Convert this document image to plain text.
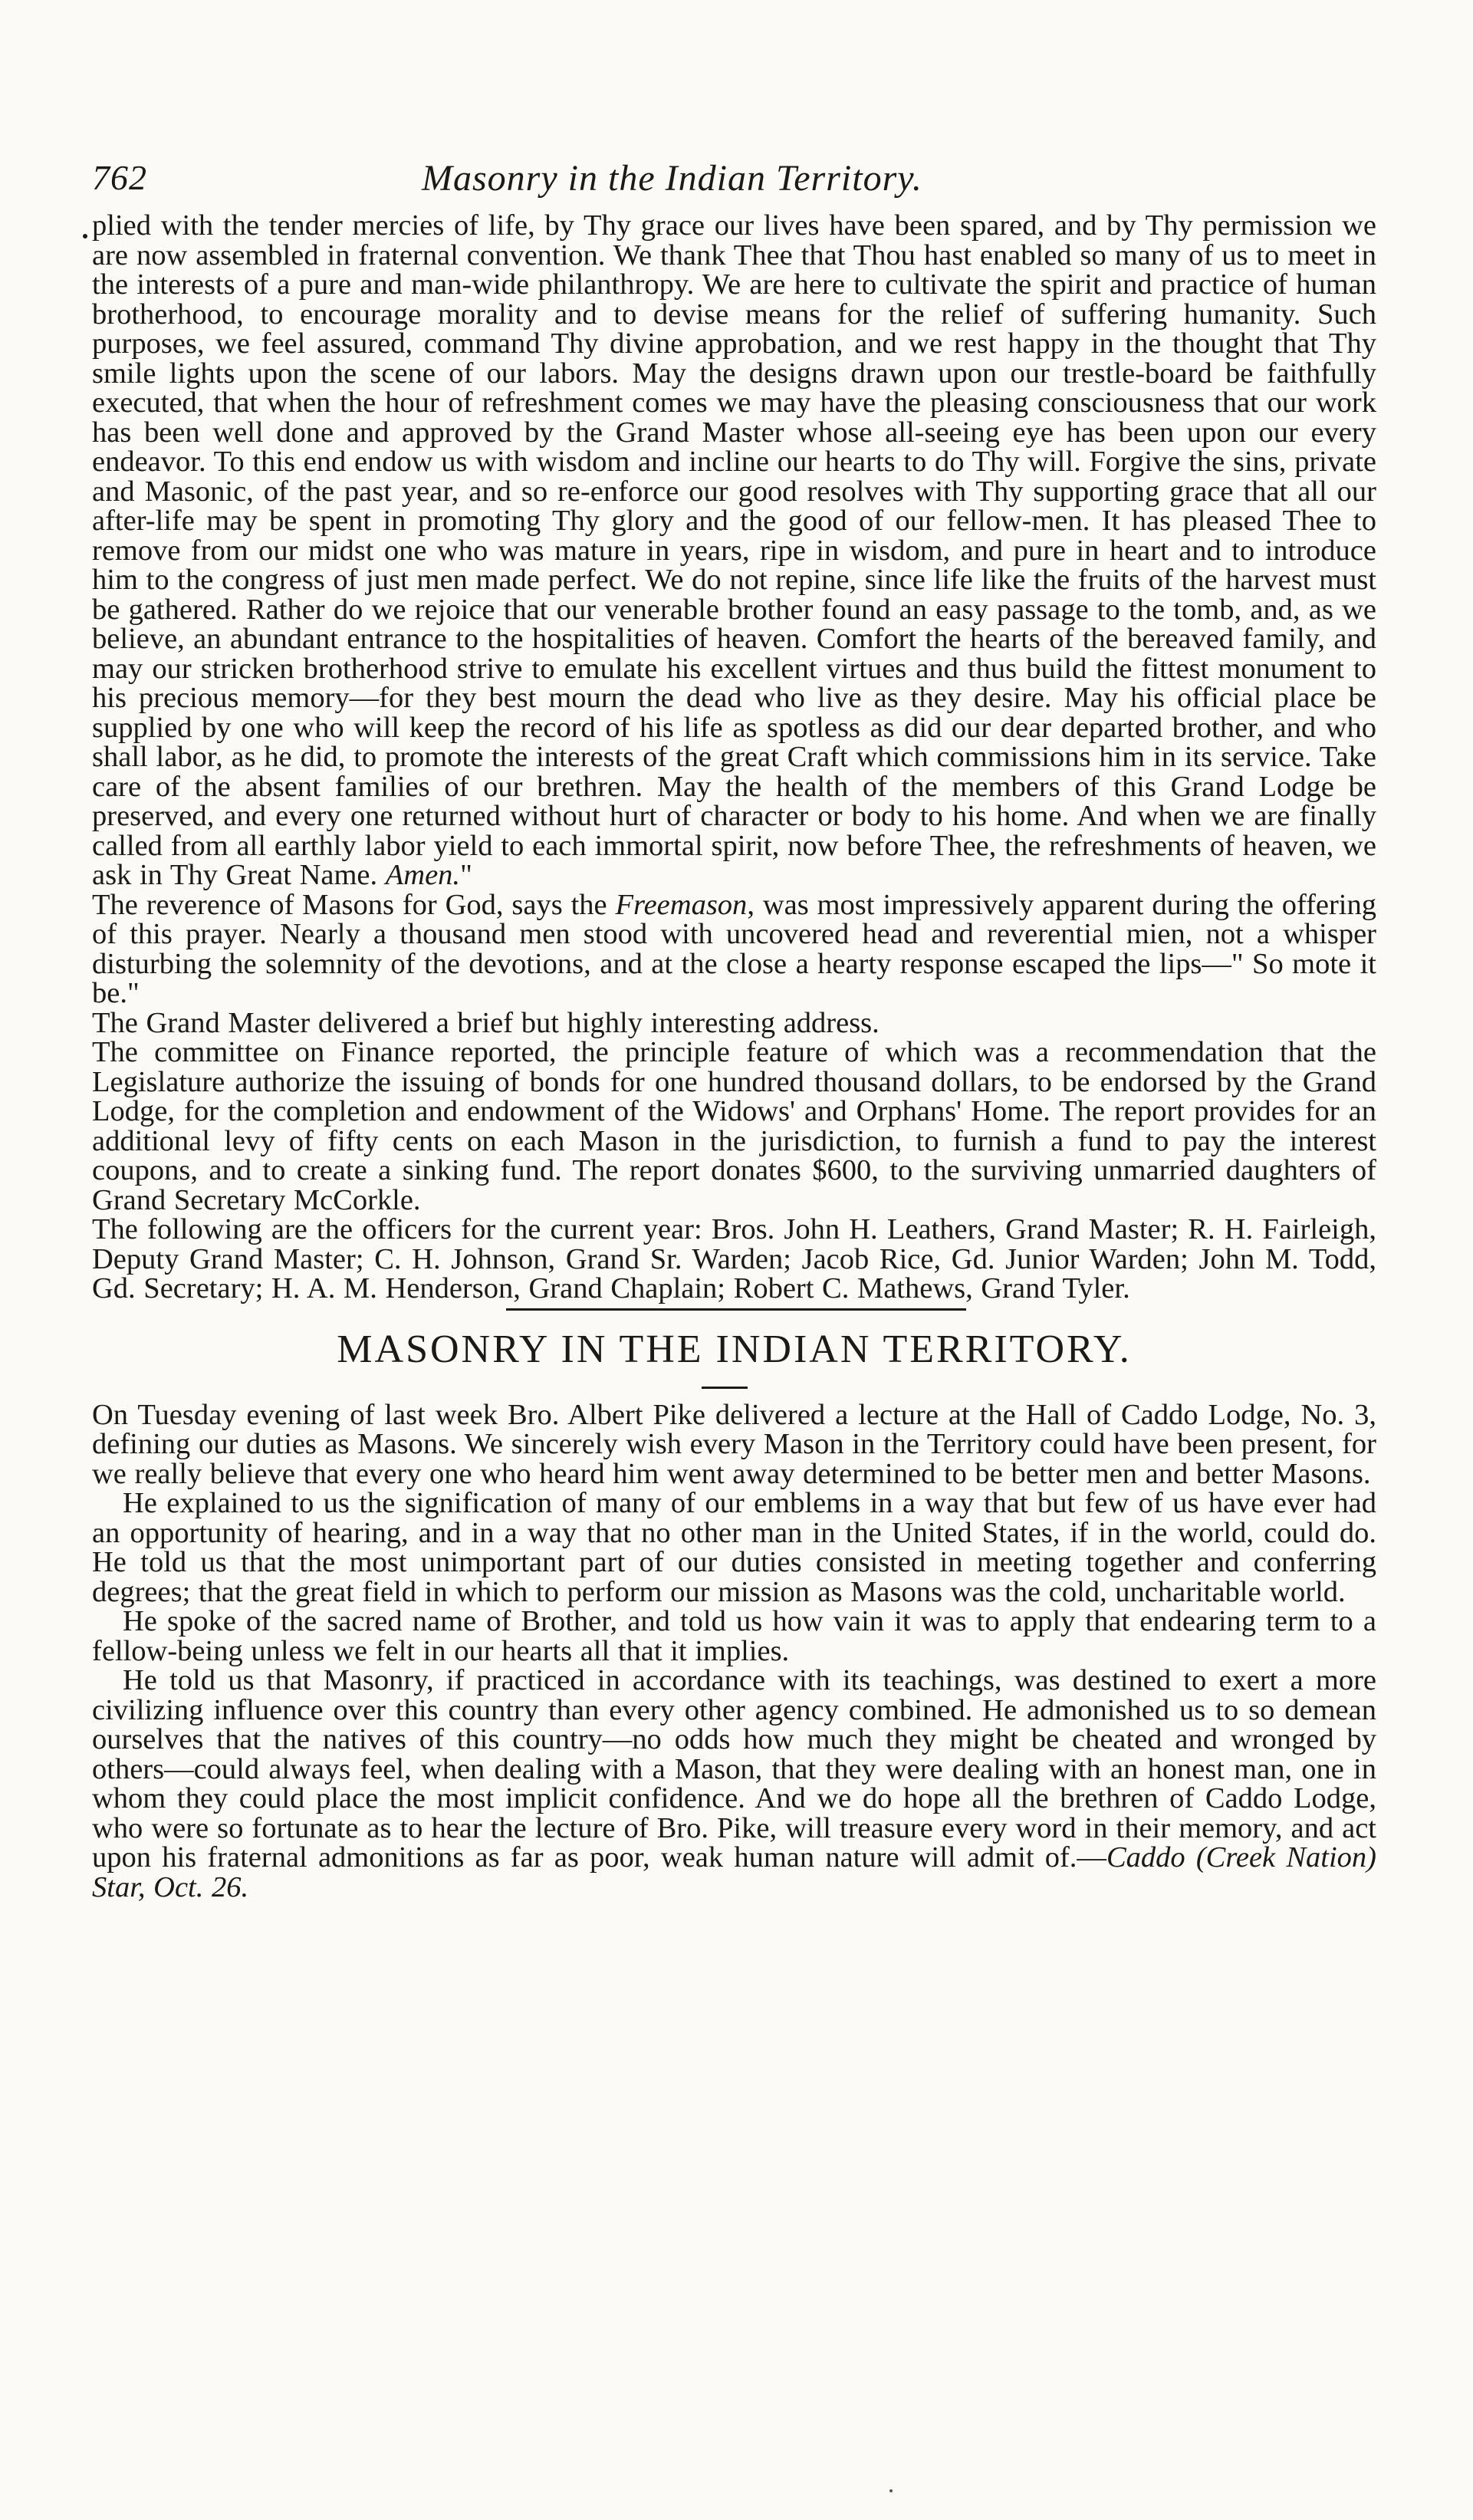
762	Masonry in the Indian Territory.

plied with the tender mercies of life, by Thy grace our lives have been spared, and by Thy permission we are now assembled in fraternal convention. We thank Thee that Thou hast enabled so many of us to meet in the interests of a pure and man-wide philanthropy. We are here to cultivate the spirit and practice of human brotherhood, to encourage morality and to devise means for the relief of suffering humanity. Such purposes, we feel assured, command Thy divine approbation, and we rest happy in the thought that Thy smile lights upon the scene of our labors. May the designs drawn upon our trestle-board be faithfully executed, that when the hour of refreshment comes we may have the pleasing consciousness that our work has been well done and approved by the Grand Master whose all-seeing eye has been upon our every endeavor. To this end endow us with wisdom and incline our hearts to do Thy will. Forgive the sins, private and Masonic, of the past year, and so re-enforce our good resolves with Thy supporting grace that all our after-life may be spent in promoting Thy glory and the good of our fellow-men. It has pleased Thee to remove from our midst one who was mature in years, ripe in wisdom, and pure in heart and to introduce him to the congress of just men made perfect. We do not repine, since life like the fruits of the harvest must be gathered. Rather do we rejoice that our venerable brother found an easy passage to the tomb, and, as we believe, an abundant entrance to the hospitalities of heaven. Comfort the hearts of the bereaved family, and may our stricken brotherhood strive to emulate his excellent virtues and thus build the fittest monument to his precious memory—for they best mourn the dead who live as they desire. May his official place be supplied by one who will keep the record of his life as spotless as did our dear departed brother, and who shall labor, as he did, to promote the interests of the great Craft which commissions him in its service. Take care of the absent families of our brethren. May the health of the members of this Grand Lodge be preserved, and every one returned without hurt of character or body to his home. And when we are finally called from all earthly labor yield to each immortal spirit, now before Thee, the refreshments of heaven, we ask in Thy Great Name. Amen."

The reverence of Masons for God, says the Freemason, was most impressively apparent during the offering of this prayer. Nearly a thousand men stood with uncovered head and reverential mien, not a whisper disturbing the solemnity of the devotions, and at the close a hearty response escaped the lips—" So mote it be."

The Grand Master delivered a brief but highly interesting address.

The committee on Finance reported, the principle feature of which was a recommendation that the Legislature authorize the issuing of bonds for one hundred thousand dollars, to be endorsed by the Grand Lodge, for the completion and endowment of the Widows' and Orphans' Home. The report provides for an additional levy of fifty cents on each Mason in the jurisdiction, to furnish a fund to pay the interest coupons, and to create a sinking fund. The report donates $600, to the surviving unmarried daughters of Grand Secretary McCorkle.

The following are the officers for the current year: Bros. John H. Leathers, Grand Master; R. H. Fairleigh, Deputy Grand Master; C. H. Johnson, Grand Sr. Warden; Jacob Rice, Gd. Junior Warden; John M. Todd, Gd. Secretary; H. A. M. Henderson, Grand Chaplain; Robert C. Mathews, Grand Tyler.

MASONRY IN THE INDIAN TERRITORY.

On Tuesday evening of last week Bro. Albert Pike delivered a lecture at the Hall of Caddo Lodge, No. 3, defining our duties as Masons. We sincerely wish every Mason in the Territory could have been present, for we really believe that every one who heard him went away determined to be better men and better Masons.

He explained to us the signification of many of our emblems in a way that but few of us have ever had an opportunity of hearing, and in a way that no other man in the United States, if in the world, could do. He told us that the most unimportant part of our duties consisted in meeting together and conferring degrees; that the great field in which to perform our mission as Masons was the cold, uncharitable world.

He spoke of the sacred name of Brother, and told us how vain it was to apply that endearing term to a fellow-being unless we felt in our hearts all that it implies.

He told us that Masonry, if practiced in accordance with its teachings, was destined to exert a more civilizing influence over this country than every other agency combined. He admonished us to so demean ourselves that the natives of this country—no odds how much they might be cheated and wronged by others—could always feel, when dealing with a Mason, that they were dealing with an honest man, one in whom they could place the most implicit confidence. And we do hope all the brethren of Caddo Lodge, who were so fortunate as to hear the lecture of Bro. Pike, will treasure every word in their memory, and act upon his fraternal admonitions as far as poor, weak human nature will admit of.—Caddo (Creek Nation) Star, Oct. 26.
